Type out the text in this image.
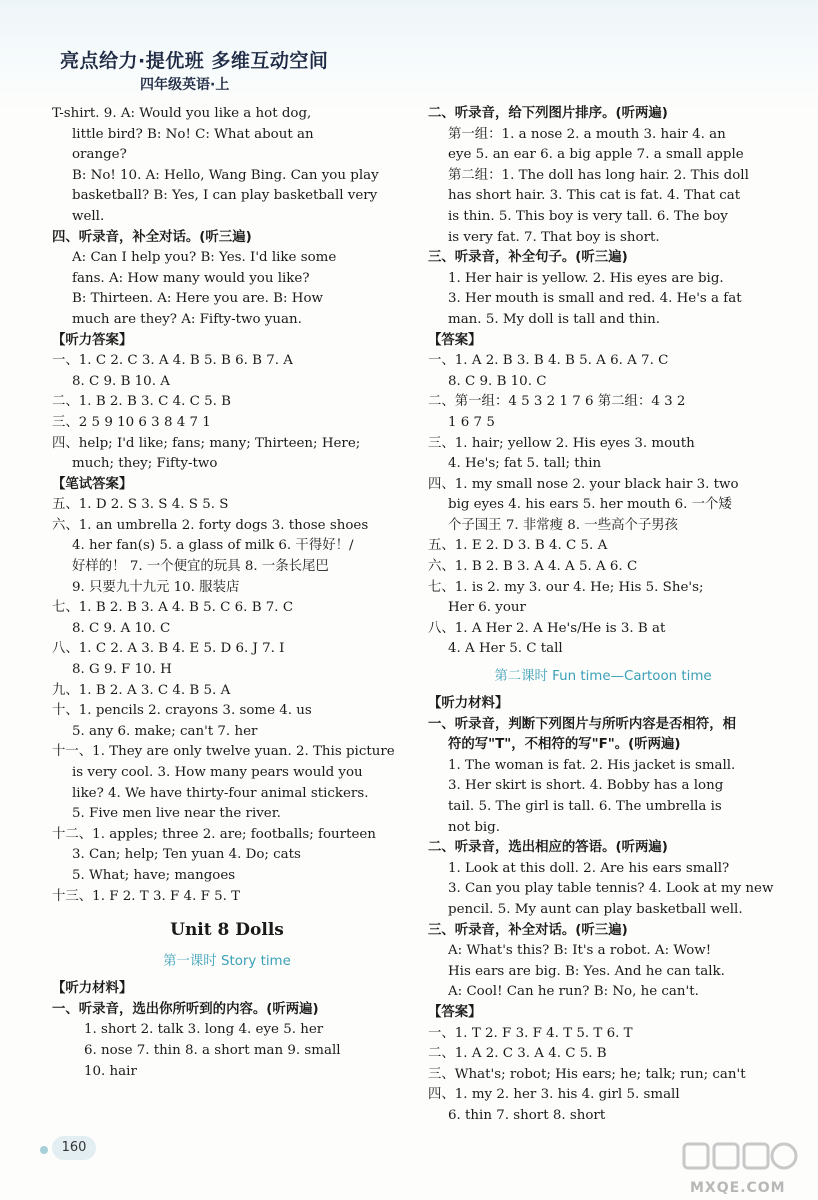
亮点给力·提优班 多维互动空间
四年级英语·上
T-shirt. 9. A: Would you like a hot dog,
little bird? B: No! C: What about an
orange?
B: No! 10. A: Hello, Wang Bing. Can you play
basketball? B: Yes, I can play basketball very
well.
四、听录音，补全对话。(听三遍)
A: Can I help you? B: Yes. I'd like some
fans. A: How many would you like?
B: Thirteen. A: Here you are. B: How
much are they? A: Fifty-two yuan.
【听力答案】
一、1. C 2. C 3. A 4. B 5. B 6. B 7. A
8. C 9. B 10. A
二、1. B 2. B 3. C 4. C 5. B
三、2 5 9 10 6 3 8 4 7 1
四、help; I'd like; fans; many; Thirteen; Here;
much; they; Fifty-two
【笔试答案】
五、1. D 2. S 3. S 4. S 5. S
六、1. an umbrella 2. forty dogs 3. those shoes
4. her fan(s) 5. a glass of milk 6. 干得好！/
好样的！ 7. 一个便宜的玩具 8. 一条长尾巴
9. 只要九十九元 10. 服装店
七、1. B 2. B 3. A 4. B 5. C 6. B 7. C
8. C 9. A 10. C
八、1. C 2. A 3. B 4. E 5. D 6. J 7. I
8. G 9. F 10. H
九、1. B 2. A 3. C 4. B 5. A
十、1. pencils 2. crayons 3. some 4. us
5. any 6. make; can't 7. her
十一、1. They are only twelve yuan. 2. This picture
is very cool. 3. How many pears would you
like? 4. We have thirty-four animal stickers.
5. Five men live near the river.
十二、1. apples; three 2. are; footballs; fourteen
3. Can; help; Ten yuan 4. Do; cats
5. What; have; mangoes
十三、1. F 2. T 3. F 4. F 5. T
Unit 8 Dolls
第一课时 Story time
【听力材料】
一、听录音，选出你所听到的内容。(听两遍)
1. short 2. talk 3. long 4. eye 5. her
6. nose 7. thin 8. a short man 9. small
10. hair
二、听录音，给下列图片排序。(听两遍)
第一组：1. a nose 2. a mouth 3. hair 4. an
eye 5. an ear 6. a big apple 7. a small apple
第二组：1. The doll has long hair. 2. This doll
has short hair. 3. This cat is fat. 4. That cat
is thin. 5. This boy is very tall. 6. The boy
is very fat. 7. That boy is short.
三、听录音，补全句子。(听三遍)
1. Her hair is yellow. 2. His eyes are big.
3. Her mouth is small and red. 4. He's a fat
man. 5. My doll is tall and thin.
【答案】
一、1. A 2. B 3. B 4. B 5. A 6. A 7. C
8. C 9. B 10. C
二、第一组：4 5 3 2 1 7 6 第二组：4 3 2
1 6 7 5
三、1. hair; yellow 2. His eyes 3. mouth
4. He's; fat 5. tall; thin
四、1. my small nose 2. your black hair 3. two
big eyes 4. his ears 5. her mouth 6. 一个矮
个子国王 7. 非常瘦 8. 一些高个子男孩
五、1. E 2. D 3. B 4. C 5. A
六、1. B 2. B 3. A 4. A 5. A 6. C
七、1. is 2. my 3. our 4. He; His 5. She's;
Her 6. your
八、1. A Her 2. A He's/He is 3. B at
4. A Her 5. C tall
第二课时 Fun time—Cartoon time
【听力材料】
一、听录音，判断下列图片与所听内容是否相符，相
符的写"T"，不相符的写"F"。(听两遍)
1. The woman is fat. 2. His jacket is small.
3. Her skirt is short. 4. Bobby has a long
tail. 5. The girl is tall. 6. The umbrella is
not big.
二、听录音，选出相应的答语。(听两遍)
1. Look at this doll. 2. Are his ears small?
3. Can you play table tennis? 4. Look at my new
pencil. 5. My aunt can play basketball well.
三、听录音，补全对话。(听三遍)
A: What's this? B: It's a robot. A: Wow!
His ears are big. B: Yes. And he can talk.
A: Cool! Can he run? B: No, he can't.
【答案】
一、1. T 2. F 3. F 4. T 5. T 6. T
二、1. A 2. C 3. A 4. C 5. B
三、What's; robot; His ears; he; talk; run; can't
四、1. my 2. her 3. his 4. girl 5. small
6. thin 7. short 8. short
160
MXQE.COM
